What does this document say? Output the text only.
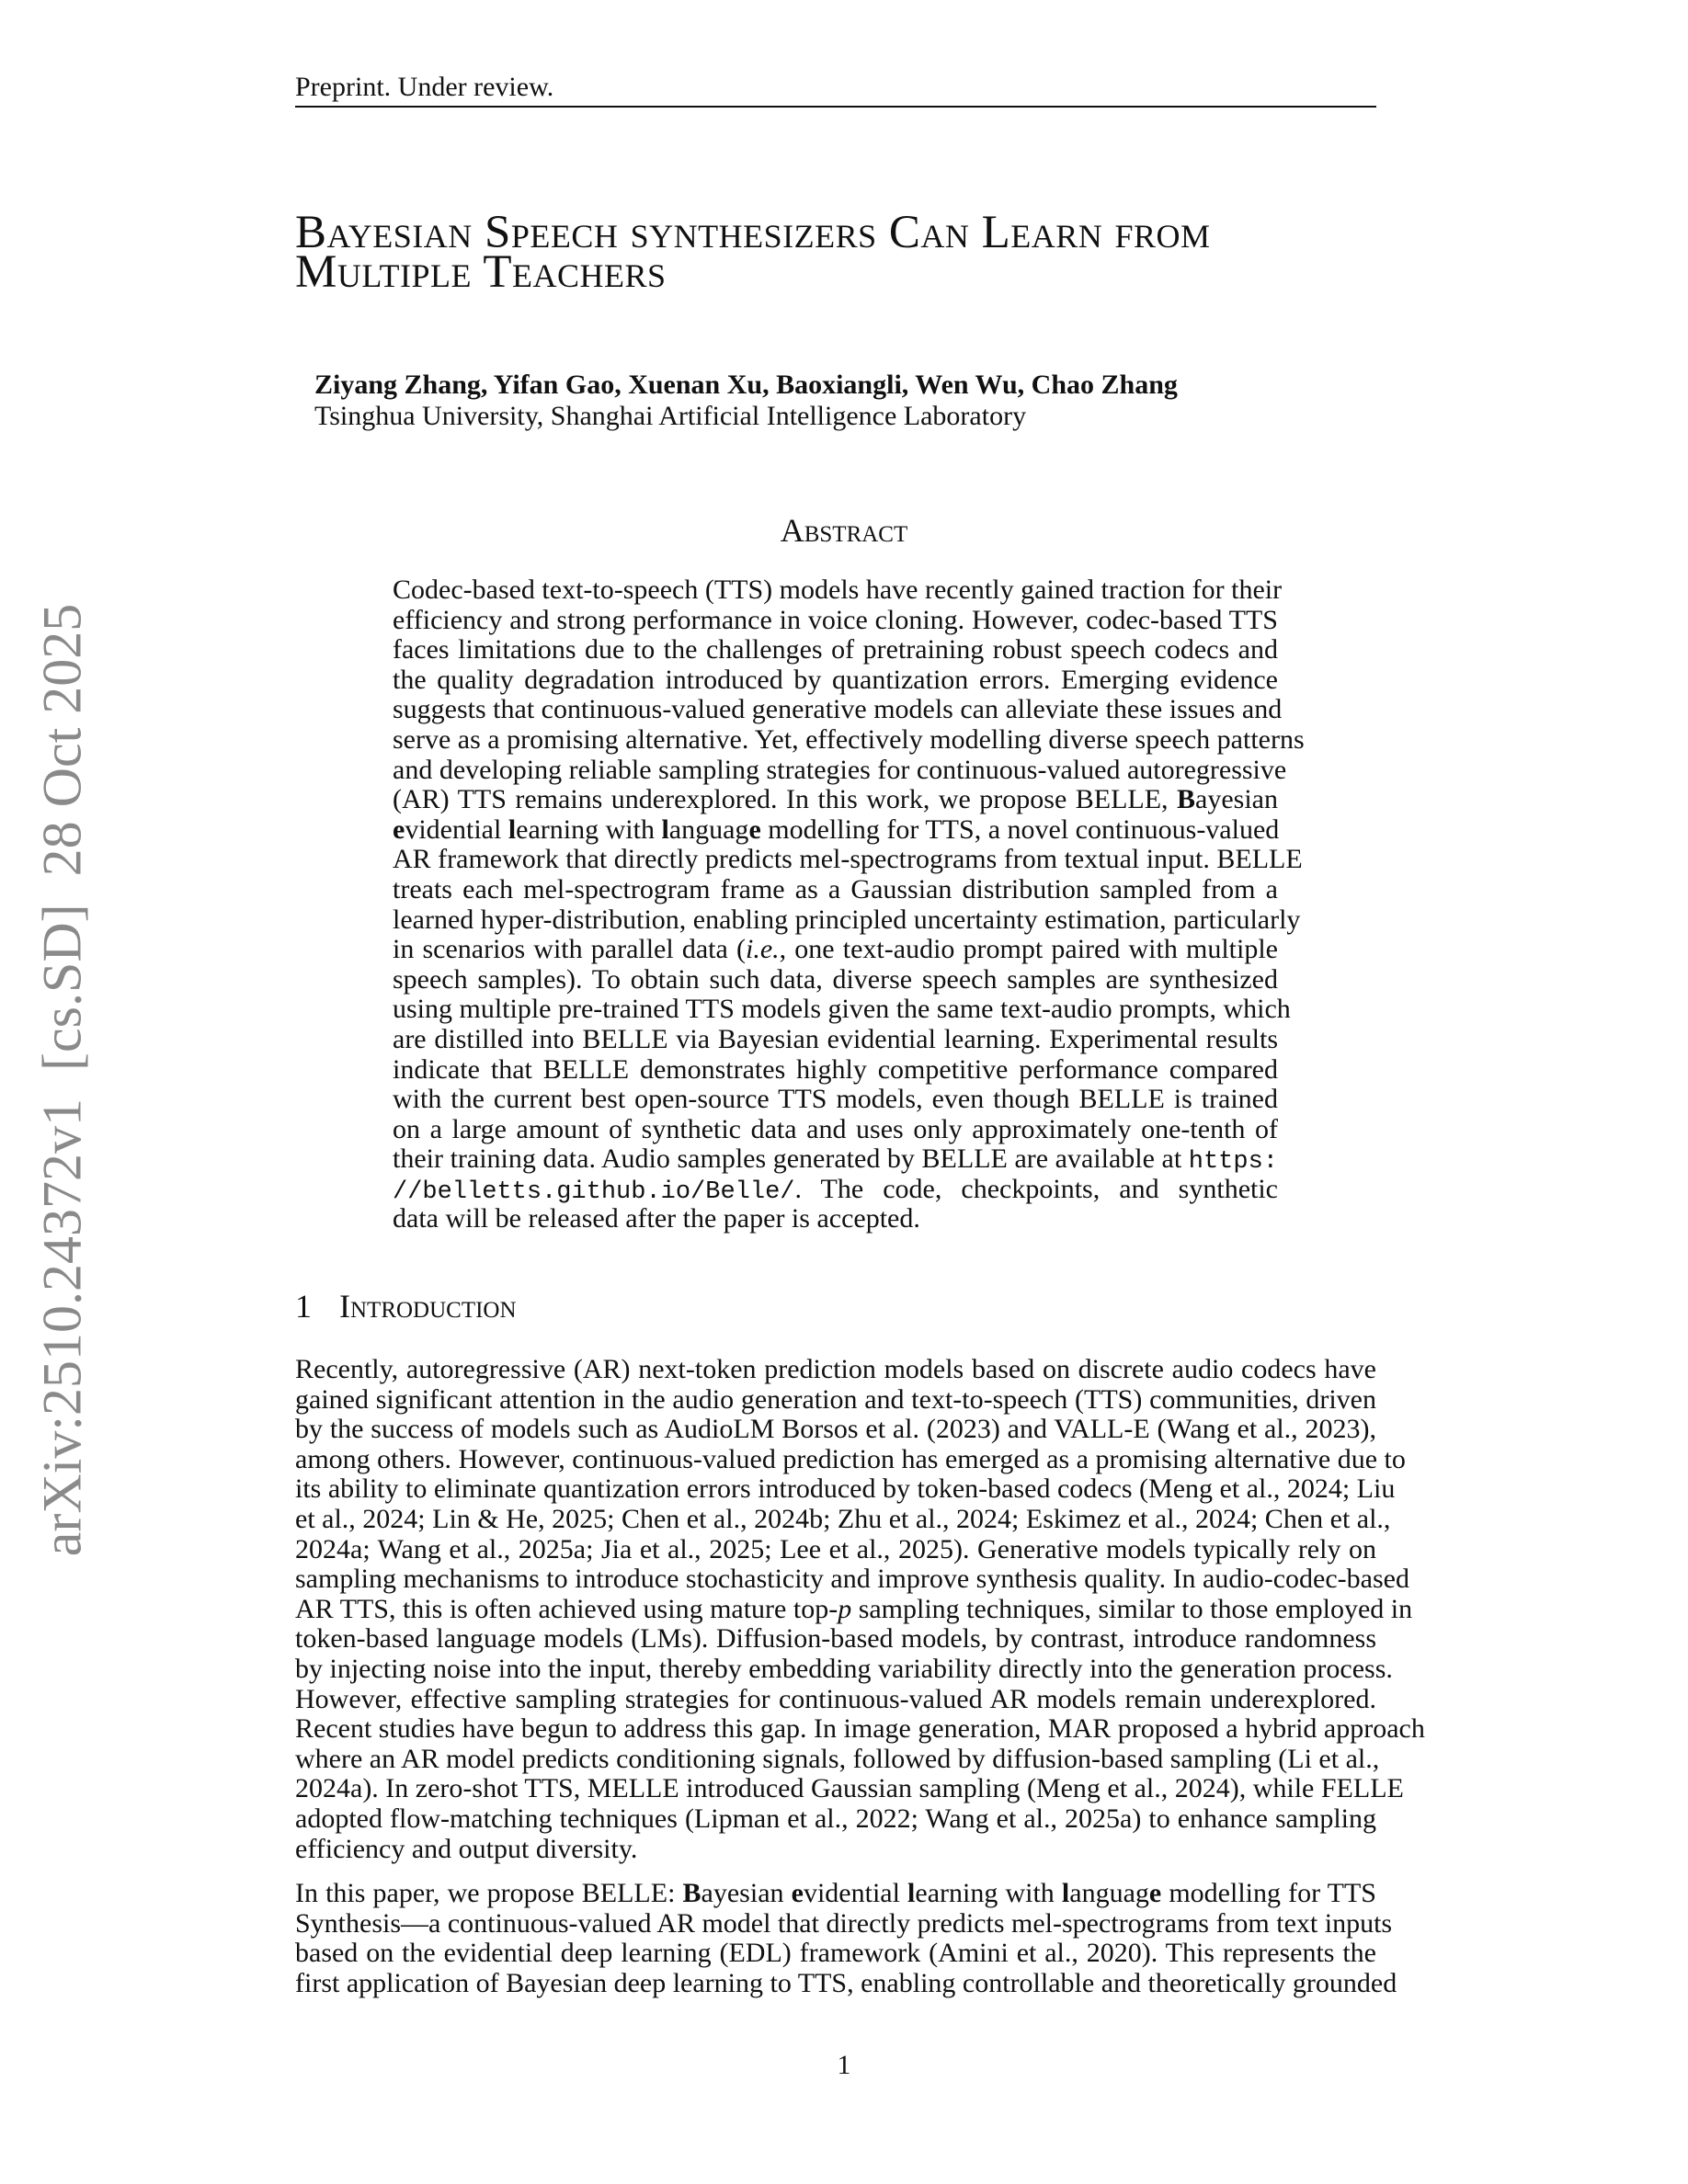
Preprint. Under review.
Bayesian Speech synthesizers Can Learn from
Multiple Teachers
Ziyang Zhang, Yifan Gao, Xuenan Xu, Baoxiangli, Wen Wu, Chao Zhang
Tsinghua University, Shanghai Artificial Intelligence Laboratory
Abstract
Codec-based text-to-speech (TTS) models have recently gained traction for their
efficiency and strong performance in voice cloning. However, codec-based TTS
faces limitations due to the challenges of pretraining robust speech codecs and
the quality degradation introduced by quantization errors. Emerging evidence
suggests that continuous-valued generative models can alleviate these issues and
serve as a promising alternative. Yet, effectively modelling diverse speech patterns
and developing reliable sampling strategies for continuous-valued autoregressive
(AR) TTS remains underexplored. In this work, we propose BELLE, Bayesian
evidential learning with language modelling for TTS, a novel continuous-valued
AR framework that directly predicts mel-spectrograms from textual input. BELLE
treats each mel-spectrogram frame as a Gaussian distribution sampled from a
learned hyper-distribution, enabling principled uncertainty estimation, particularly
in scenarios with parallel data (i.e., one text-audio prompt paired with multiple
speech samples). To obtain such data, diverse speech samples are synthesized
using multiple pre-trained TTS models given the same text-audio prompts, which
are distilled into BELLE via Bayesian evidential learning. Experimental results
indicate that BELLE demonstrates highly competitive performance compared
with the current best open-source TTS models, even though BELLE is trained
on a large amount of synthetic data and uses only approximately one-tenth of
their training data. Audio samples generated by BELLE are available at https:
//belletts.github.io/Belle/. The code, checkpoints, and synthetic
data will be released after the paper is accepted.
1 Introduction
Recently, autoregressive (AR) next-token prediction models based on discrete audio codecs have
gained significant attention in the audio generation and text-to-speech (TTS) communities, driven
by the success of models such as AudioLM Borsos et al. (2023) and VALL-E (Wang et al., 2023),
among others. However, continuous-valued prediction has emerged as a promising alternative due to
its ability to eliminate quantization errors introduced by token-based codecs (Meng et al., 2024; Liu
et al., 2024; Lin & He, 2025; Chen et al., 2024b; Zhu et al., 2024; Eskimez et al., 2024; Chen et al.,
2024a; Wang et al., 2025a; Jia et al., 2025; Lee et al., 2025). Generative models typically rely on
sampling mechanisms to introduce stochasticity and improve synthesis quality. In audio-codec-based
AR TTS, this is often achieved using mature top-p sampling techniques, similar to those employed in
token-based language models (LMs). Diffusion-based models, by contrast, introduce randomness
by injecting noise into the input, thereby embedding variability directly into the generation process.
However, effective sampling strategies for continuous-valued AR models remain underexplored.
Recent studies have begun to address this gap. In image generation, MAR proposed a hybrid approach
where an AR model predicts conditioning signals, followed by diffusion-based sampling (Li et al.,
2024a). In zero-shot TTS, MELLE introduced Gaussian sampling (Meng et al., 2024), while FELLE
adopted flow-matching techniques (Lipman et al., 2022; Wang et al., 2025a) to enhance sampling
efficiency and output diversity.
In this paper, we propose BELLE: Bayesian evidential learning with language modelling for TTS
Synthesis—a continuous-valued AR model that directly predicts mel-spectrograms from text inputs
based on the evidential deep learning (EDL) framework (Amini et al., 2020). This represents the
first application of Bayesian deep learning to TTS, enabling controllable and theoretically grounded
1
arXiv:2510.24372v1  [cs.SD]  28 Oct 2025
